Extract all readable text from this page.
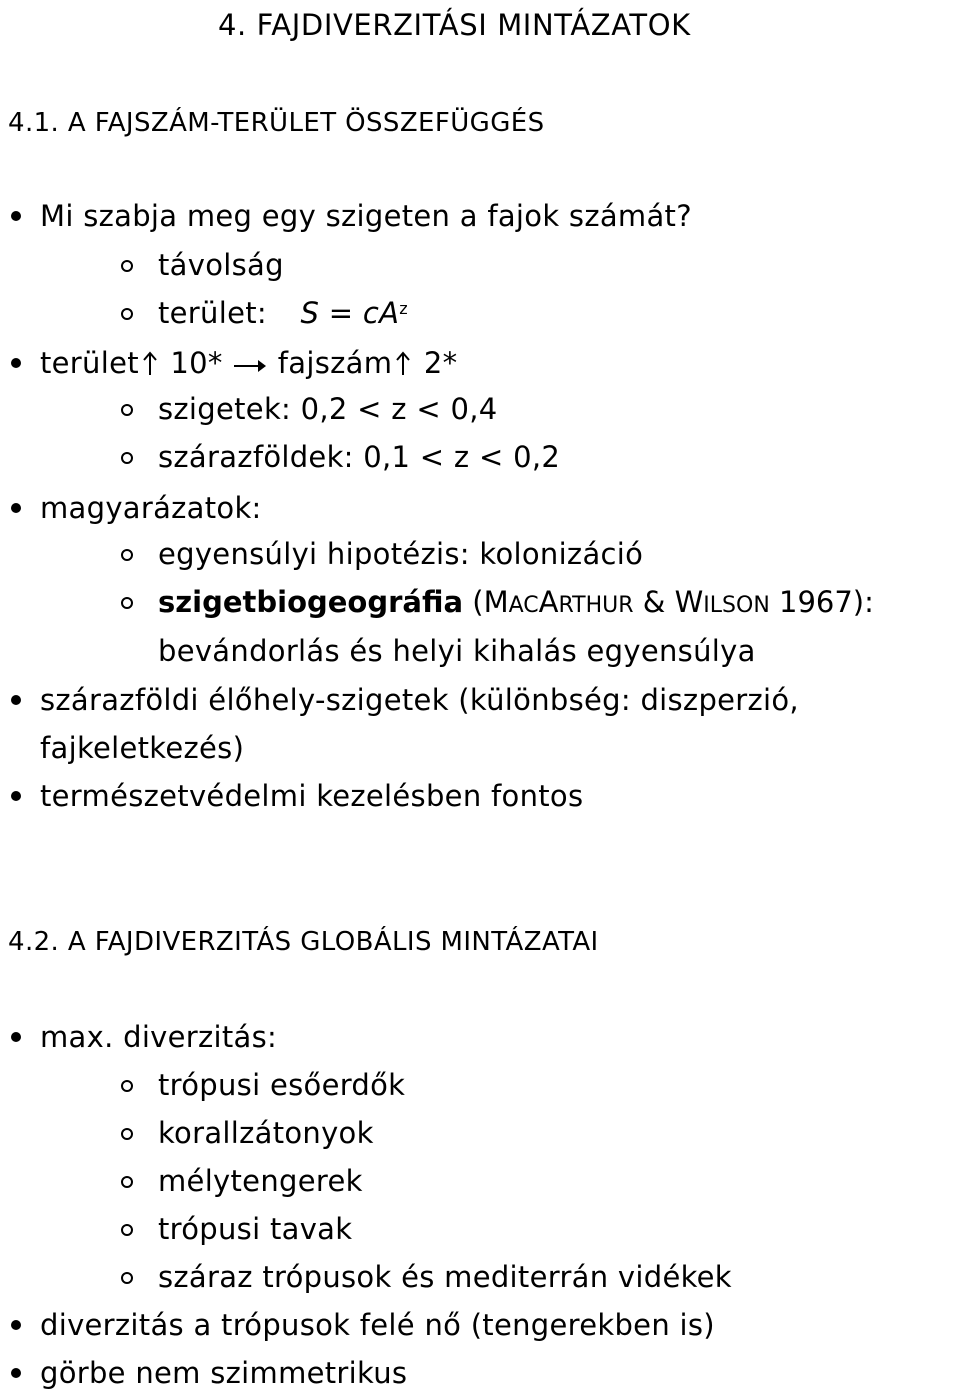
4. FAJDIVERZITÁSI MINTÁZATOK
4.1. A FAJSZÁM-TERÜLET ÖSSZEFÜGGÉS
Mi szabja meg egy szigeten a fajok számát?
távolság
terület: $S = cA^z$
terület 10* fajszám 2*
szigetek: 0,2 < z < 0,4
szárazföldek: 0,1 < z < 0,2
magyarázatok:
egyensúlyi hipotézis: kolonizáció
szigetbiogeográfia (MACARTHUR & WILSON 1967):
bevándorlás és helyi kihalás egyensúlya
szárazföldi élőhely-szigetek (különbség: diszperzió,
fajkeletkezés)
természetvédelmi kezelésben fontos
4.2. A FAJDIVERZITÁS GLOBÁLIS MINTÁZATAI
max. diverzitás:
trópusi esőerdők
korallzátonyok
mélytengerek
trópusi tavak
száraz trópusok és mediterrán vidékek
diverzitás a trópusok felé nő (tengerekben is)
görbe nem szimmetrikus
